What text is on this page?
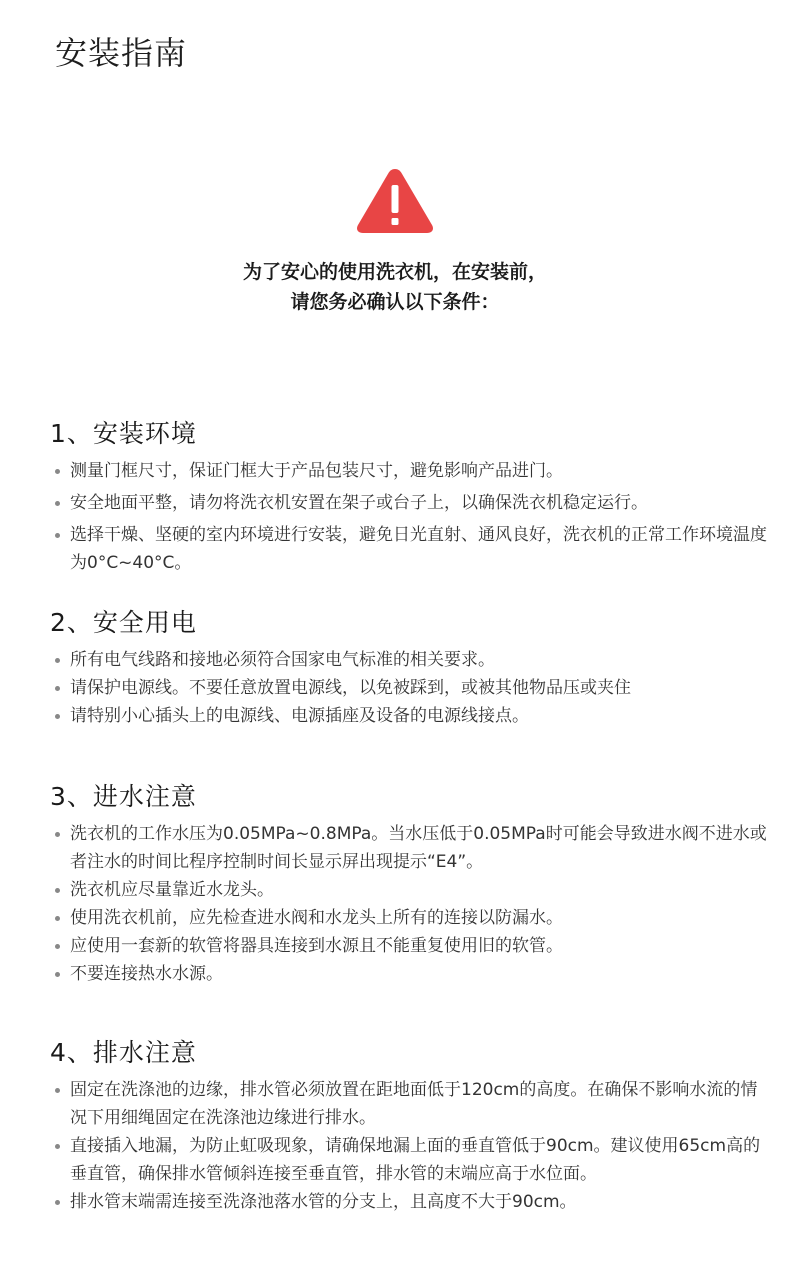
安装指南
为了安心的使用洗衣机，在安装前，
请您务必确认以下条件：
1、安装环境
测量门框尺寸，保证门框大于产品包装尺寸，避免影响产品进门。
安全地面平整，请勿将洗衣机安置在架子或台子上，以确保洗衣机稳定运行。
选择干燥、坚硬的室内环境进行安装，避免日光直射、通风良好，洗衣机的正常工作环境温度为0°C~40°C。
2、安全用电
所有电气线路和接地必须符合国家电气标准的相关要求。
请保护电源线。不要任意放置电源线，以免被踩到，或被其他物品压或夹住
请特别小心插头上的电源线、电源插座及设备的电源线接点。
3、进水注意
洗衣机的工作水压为0.05MPa~0.8MPa。当水压低于0.05MPa时可能会导致进水阀不进水或者注水的时间比程序控制时间长显示屏出现提示“E4”。
洗衣机应尽量靠近水龙头。
使用洗衣机前，应先检查进水阀和水龙头上所有的连接以防漏水。
应使用一套新的软管将器具连接到水源且不能重复使用旧的软管。
不要连接热水水源。
4、排水注意
固定在洗涤池的边缘，排水管必须放置在距地面低于120cm的高度。在确保不影响水流的情况下用细绳固定在洗涤池边缘进行排水。
直接插入地漏，为防止虹吸现象，请确保地漏上面的垂直管低于90cm。建议使用65cm高的垂直管，确保排水管倾斜连接至垂直管，排水管的末端应高于水位面。
排水管末端需连接至洗涤池落水管的分支上，且高度不大于90cm。
